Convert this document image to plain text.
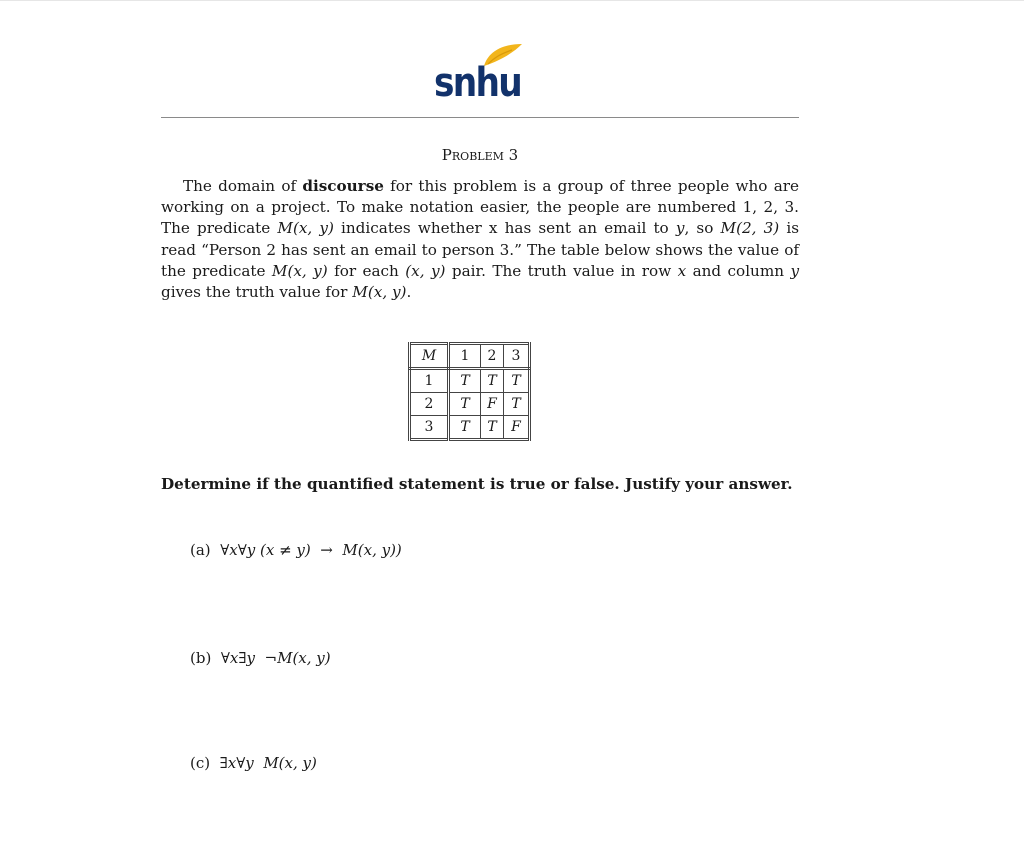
snhu
Problem 3
The domain of discourse for this problem is a group of three people who are working on a project. To make notation easier, the people are numbered 1, 2, 3. The predicate M(x, y) indicates whether x has sent an email to y, so M(2, 3) is read “Person 2 has sent an email to person 3.” The table below shows the value of the predicate M(x, y) for each (x, y) pair. The truth value in row x and column y gives the truth value for M(x, y).
M	1	2	3
1	T	T	T
2	T	F	T
3	T	T	F
Determine if the quantified statement is true or false. Justify your answer.
(a) ∀x∀y (x ≠ y)  →  M(x, y))
(b) ∀x∃y  ¬M(x, y)
(c) ∃x∀y  M(x, y)
